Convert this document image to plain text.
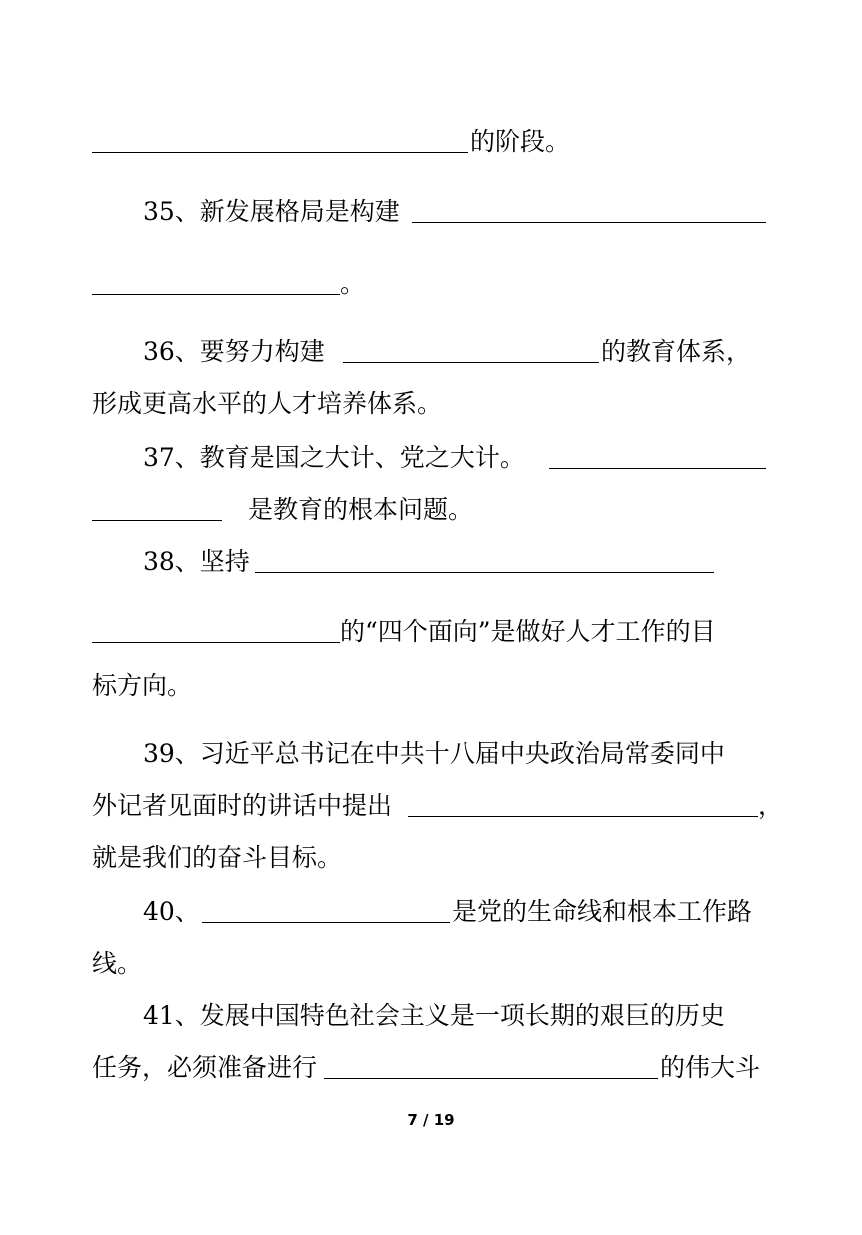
的阶段。
35、新发展格局是构建
。
36、要努力构建	的教育体系，
形成更高水平的人才培养体系。
37、教育是国之大计、党之大计。
是教育的根本问题。
38、坚持
的“四个面向”是做好人才工作的目
标方向。
39、习近平总书记在中共十八届中央政治局常委同中
外记者见面时的讲话中提出	，
就是我们的奋斗目标。
40、	是党的生命线和根本工作路
线。
41、发展中国特色社会主义是一项长期的艰巨的历史
任务，必须准备进行	的伟大斗
7 / 19
